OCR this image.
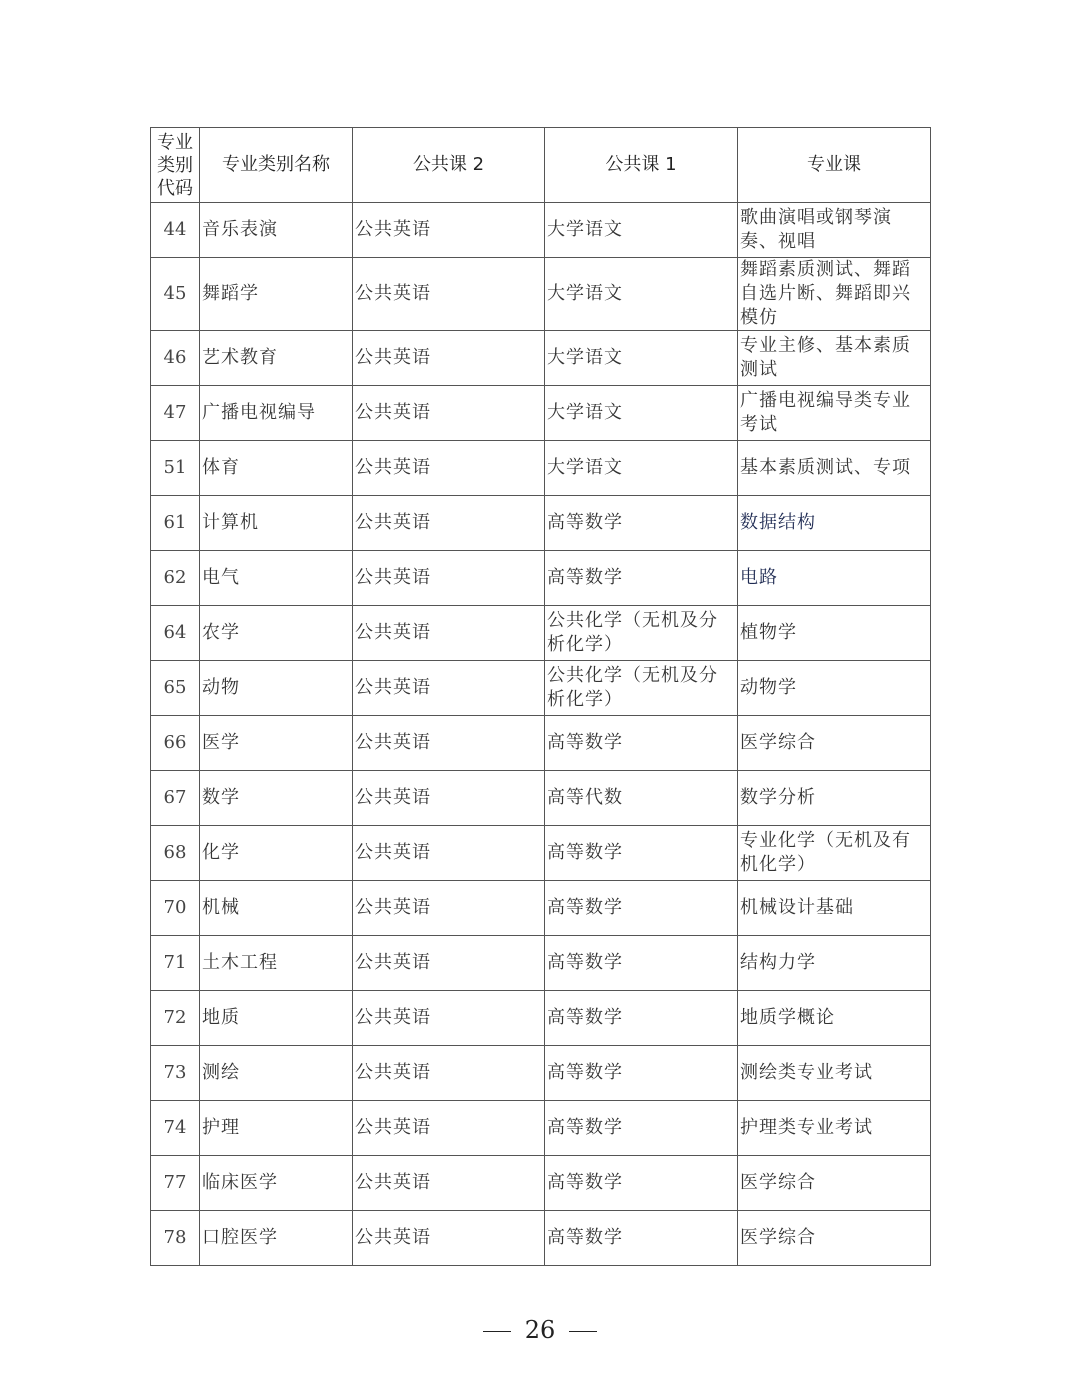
专业
类别
代码	专业类别名称	公共课 2	公共课 1	专业课
44	音乐表演	公共英语	大学语文	歌曲演唱或钢琴演奏、视唱
45	舞蹈学	公共英语	大学语文	舞蹈素质测试、舞蹈自选片断、舞蹈即兴模仿
46	艺术教育	公共英语	大学语文	专业主修、基本素质测试
47	广播电视编导	公共英语	大学语文	广播电视编导类专业考试
51	体育	公共英语	大学语文	基本素质测试、专项
61	计算机	公共英语	高等数学	数据结构
62	电气	公共英语	高等数学	电路
64	农学	公共英语	公共化学（无机及分析化学）	植物学
65	动物	公共英语	公共化学（无机及分析化学）	动物学
66	医学	公共英语	高等数学	医学综合
67	数学	公共英语	高等代数	数学分析
68	化学	公共英语	高等数学	专业化学（无机及有机化学）
70	机械	公共英语	高等数学	机械设计基础
71	土木工程	公共英语	高等数学	结构力学
72	地质	公共英语	高等数学	地质学概论
73	测绘	公共英语	高等数学	测绘类专业考试
74	护理	公共英语	高等数学	护理类专业考试
77	临床医学	公共英语	高等数学	医学综合
78	口腔医学	公共英语	高等数学	医学综合
26
